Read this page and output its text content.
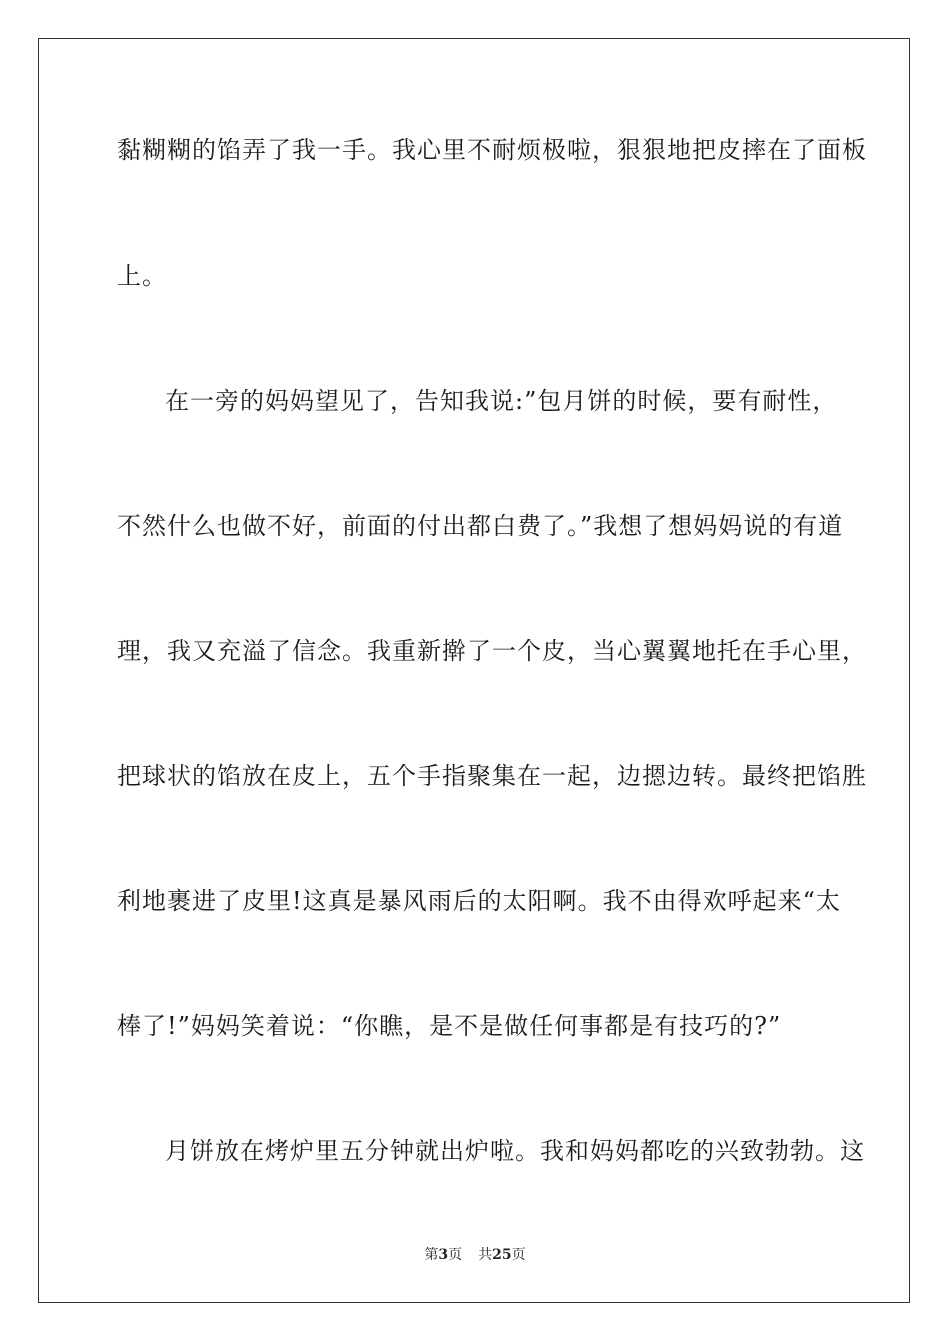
黏糊糊的馅弄了我一手。我心里不耐烦极啦，狠狠地把皮摔在了面板
上。
在一旁的妈妈望见了，告知我说:”包月饼的时候，要有耐性，
不然什么也做不好，前面的付出都白费了。”我想了想妈妈说的有道
理，我又充溢了信念。我重新擀了一个皮，当心翼翼地托在手心里，
把球状的馅放在皮上，五个手指聚集在一起，边摁边转。最终把馅胜
利地裹进了皮里!这真是暴风雨后的太阳啊。我不由得欢呼起来“太
棒了!”妈妈笑着说：“你瞧，是不是做任何事都是有技巧的?”
月饼放在烤炉里五分钟就出炉啦。我和妈妈都吃的兴致勃勃。这
第3页 共25页
